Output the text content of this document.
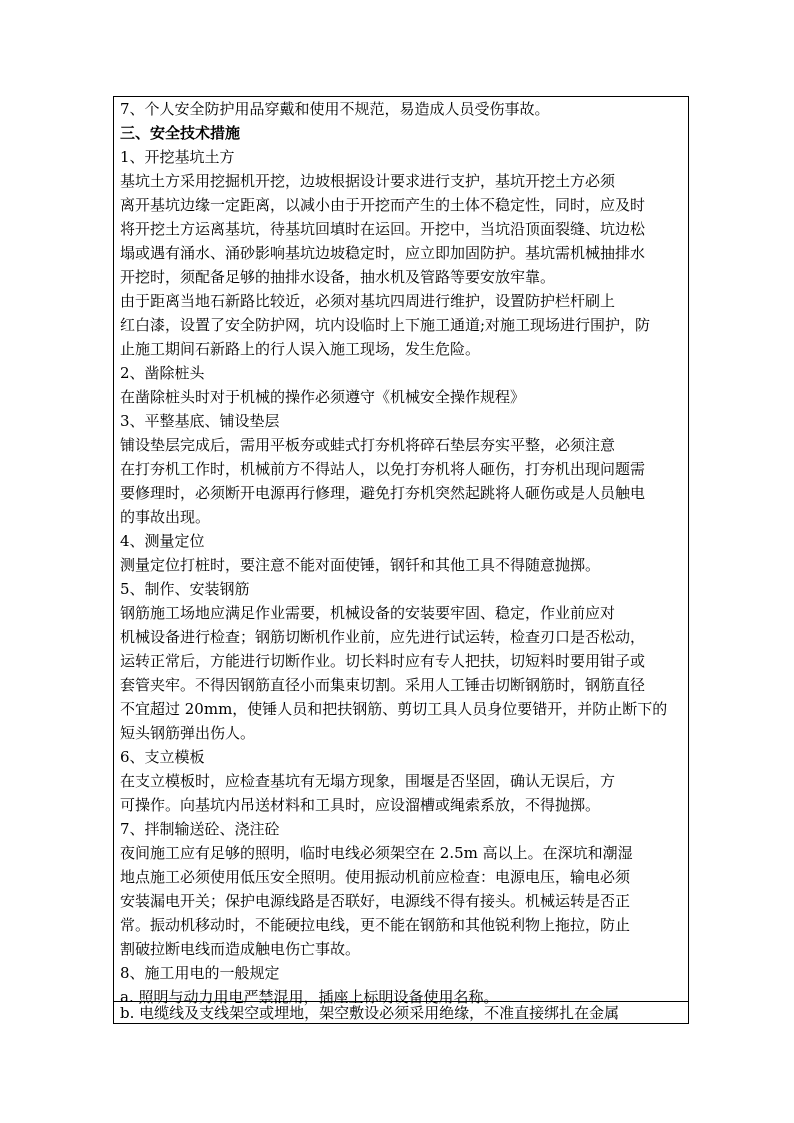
7、个人安全防护用品穿戴和使用不规范，易造成人员受伤事故。
三、安全技术措施
1、开挖基坑土方
基坑土方采用挖掘机开挖，边坡根据设计要求进行支护，基坑开挖土方必须
离开基坑边缘一定距离，以减小由于开挖而产生的土体不稳定性，同时，应及时
将开挖土方运离基坑，待基坑回填时在运回。开挖中，当坑沿顶面裂缝、坑边松
塌或遇有涌水、涌砂影响基坑边坡稳定时，应立即加固防护。基坑需机械抽排水
开挖时，须配备足够的抽排水设备，抽水机及管路等要安放牢靠。
由于距离当地石新路比较近，必须对基坑四周进行维护，设置防护栏杆刷上
红白漆，设置了安全防护网，坑内设临时上下施工通道;对施工现场进行围护，防
止施工期间石新路上的行人误入施工现场，发生危险。
2、凿除桩头
在凿除桩头时对于机械的操作必须遵守《机械安全操作规程》
3、平整基底、铺设垫层
铺设垫层完成后，需用平板夯或蛙式打夯机将碎石垫层夯实平整，必须注意
在打夯机工作时，机械前方不得站人，以免打夯机将人砸伤，打夯机出现问题需
要修理时，必须断开电源再行修理，避免打夯机突然起跳将人砸伤或是人员触电
的事故出现。
4、测量定位
测量定位打桩时，要注意不能对面使锤，钢钎和其他工具不得随意抛掷。
5、制作、安装钢筋
钢筋施工场地应满足作业需要，机械设备的安装要牢固、稳定，作业前应对
机械设备进行检查；钢筋切断机作业前，应先进行试运转，检查刃口是否松动，
运转正常后，方能进行切断作业。切长料时应有专人把扶，切短料时要用钳子或
套管夹牢。不得因钢筋直径小而集束切割。采用人工锤击切断钢筋时，钢筋直径
不宜超过 20mm，使锤人员和把扶钢筋、剪切工具人员身位要错开，并防止断下的
短头钢筋弹出伤人。
6、支立模板
在支立模板时，应检查基坑有无塌方现象，围堰是否坚固，确认无误后，方
可操作。向基坑内吊送材料和工具时，应设溜槽或绳索系放，不得抛掷。
7、拌制输送砼、浇注砼
夜间施工应有足够的照明，临时电线必须架空在 2.5m 高以上。在深坑和潮湿
地点施工必须使用低压安全照明。使用振动机前应检查：电源电压，输电必须
安装漏电开关；保护电源线路是否联好，电源线不得有接头。机械运转是否正
常。振动机移动时，不能硬拉电线，更不能在钢筋和其他锐利物上拖拉，防止
割破拉断电线而造成触电伤亡事故。
8、施工用电的一般规定
a. 照明与动力用电严禁混用，插座上标明设备使用名称。
b. 电缆线及支线架空或埋地，架空敷设必须采用绝缘，不准直接绑扎在金属
